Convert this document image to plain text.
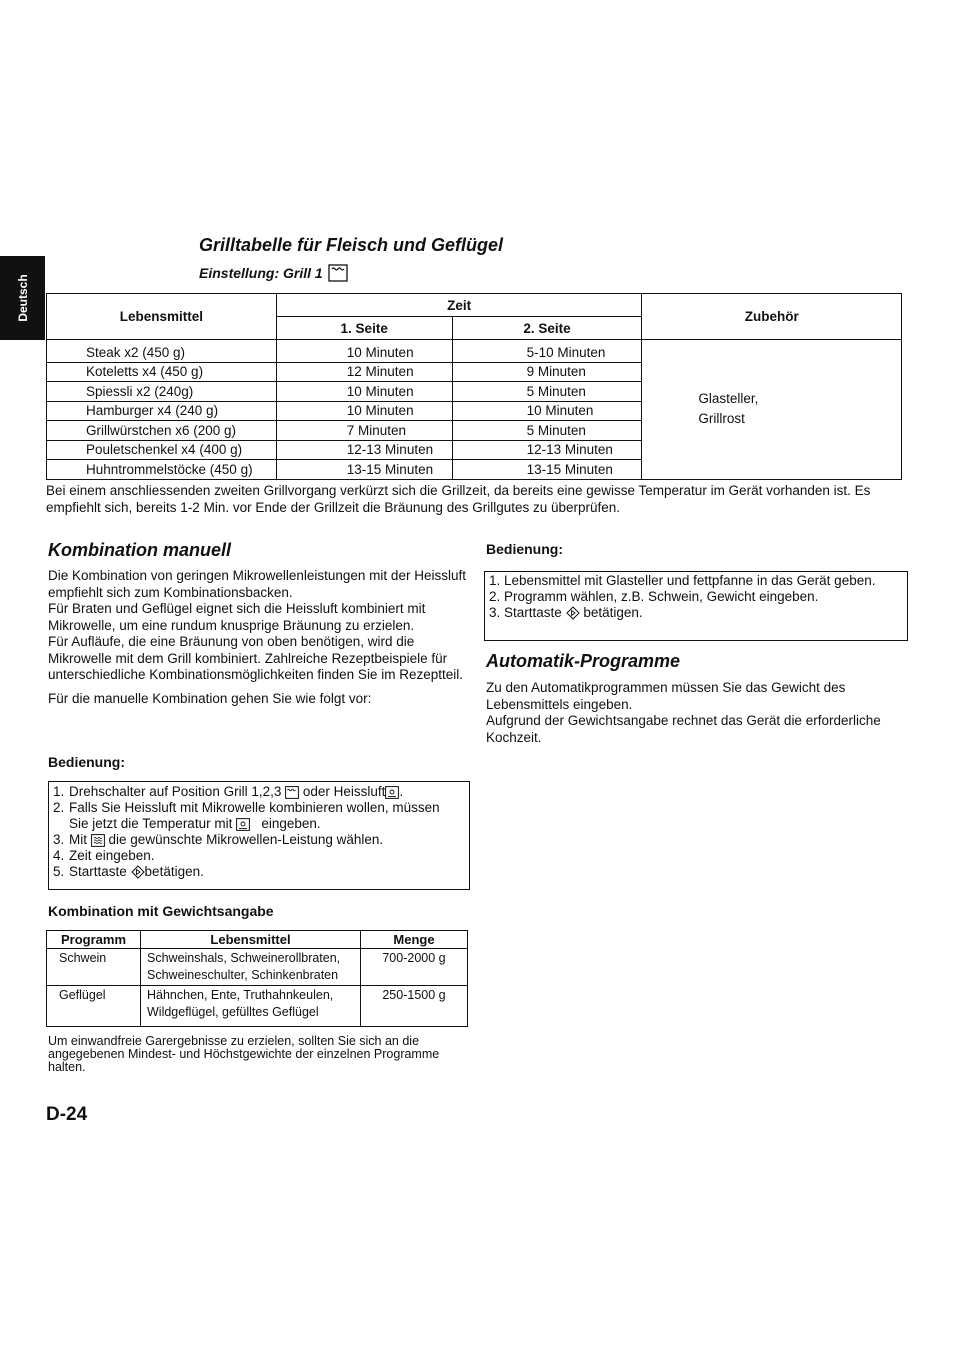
Deutsch
Grilltabelle für Fleisch und Geflügel
Einstellung: Grill 1
Lebensmittel	Zeit		Zubehör
	1. Seite	2. Seite	
Steak x2 (450 g)	10 Minuten	5-10 Minuten	Glasteller,
Grillrost

Koteletts x4 (450 g)	12 Minuten	9 Minuten	
Spiessli x2 (240g)	10 Minuten	5 Minuten	
Hamburger x4 (240 g)	10 Minuten	10 Minuten	
Grillwürstchen x6 (200 g)	7 Minuten	5 Minuten	
Pouletschenkel x4 (400 g)	12-13 Minuten	12-13 Minuten	
Huhntrommelstöcke (450 g)	13-15 Minuten	13-15 Minuten	

Bei einem anschliessenden zweiten Grillvorgang verkürzt sich die Grillzeit, da bereits eine gewisse Temperatur im Gerät vorhanden ist. Es empfiehlt sich, bereits 1-2 Min. vor Ende der Grillzeit die Bräunung des Grillgutes zu überprüfen.

Kombination manuell

Die Kombination von geringen Mikrowellenleistungen mit der Heissluft empfiehlt sich zum Kombinationsbacken.

Für Braten und Geflügel eignet sich die Heissluft kombiniert mit Mikrowelle, um eine rundum knusprige Bräunung zu erzielen.

Für Aufläufe, die eine Bräunung von oben benötigen, wird die Mikrowelle mit dem Grill kombiniert. Zahlreiche Rezeptbeispiele für unterschiedliche Kombinationsmöglichkeiten finden Sie im Rezeptteil.

Für die manuelle Kombination gehen Sie wie folgt vor:

Bedienung:
1. Drehschalter auf Position Grill 1,2,3 oder Heissluft .
2. Falls Sie Heissluft mit Mikrowelle kombinieren wollen, müssen
Sie jetzt die Temperatur mit eingeben.
3. Mit die gewünschte Mikrowellen-Leistung wählen.
4. Zeit eingeben.
5. Starttaste betätigen.
Kombination mit Gewichtsangabe
Programm	Lebensmittel	Menge
Schwein	Schweinshals, Schweinerollbraten,
Schweineschulter, Schinkenbraten	700-2000 g
Geflügel	Hähnchen, Ente, Truthahnkeulen,
Wildgeflügel, gefülltes Geflügel	250-1500 g

Um einwandfreie Garergebnisse zu erzielen, sollten Sie sich an die angegebenen Mindest- und Höchstgewichte der einzelnen Programme halten.

D-24
Bedienung:
1. Lebensmittel mit Glasteller und fettpfanne in das Gerät geben.
2. Programm wählen, z.B. Schwein, Gewicht eingeben.
3. Starttaste betätigen.
Automatik-Programme

Zu den Automatikprogrammen müssen Sie das Gewicht des Lebensmittels eingeben.

Aufgrund der Gewichtsangabe rechnet das Gerät die erforderliche Kochzeit.
